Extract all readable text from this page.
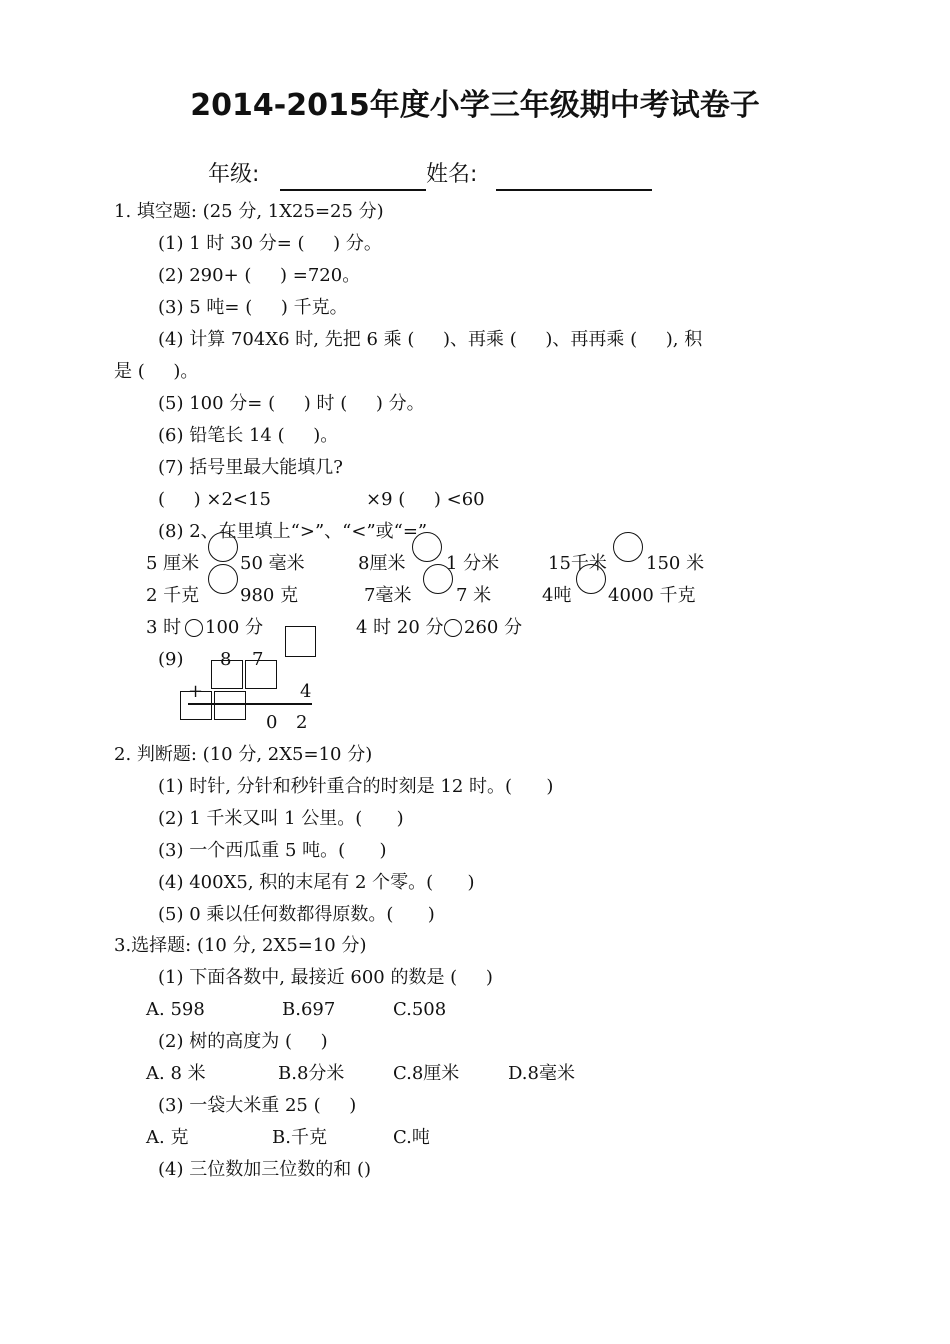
2014-2015年度小学三年级期中考试卷子
年级:	姓名:
1. 填空题: (25 分, 1X25=25 分)
(1) 1 时 30 分= (     ) 分。
(2) 290+ (     ) =720。
(3) 5 吨= (     ) 千克。
(4) 计算 704X6 时, 先把 6 乘 (     )、再乘 (     )、再再乘 (     ), 积
是 (     )。
(5) 100 分= (     ) 时 (     ) 分。
(6) 铅笔长 14 (     )。
(7) 括号里最大能填几?
(     ) ×2<15	×9 (     ) <60
(8) 2、在里填上“>”、“<”或“=”
5 厘米 50 毫米	8厘米 1 分米	15千米 150 米
2 千克 980 克	7毫米 7 米	4吨 4000 千克
3 时 100 分	4 时 20 分 260 分
(9) 8 7
+	4
0 2
2. 判断题: (10 分, 2X5=10 分)
(1) 时针, 分针和秒针重合的时刻是 12 时。(      )
(2) 1 千米又叫 1 公里。(      )
(3) 一个西瓜重 5 吨。(      )
(4) 400X5, 积的末尾有 2 个零。(      )
(5) 0 乘以任何数都得原数。(      )
3.选择题: (10 分, 2X5=10 分)
(1) 下面各数中, 最接近 600 的数是 (     )
A. 598	B.697	C.508
(2) 树的高度为 (     )
A. 8 米	B.8分米	C.8厘米	D.8毫米
(3) 一袋大米重 25 (     )
A. 克	B.千克	C.吨
(4) 三位数加三位数的和 ()
